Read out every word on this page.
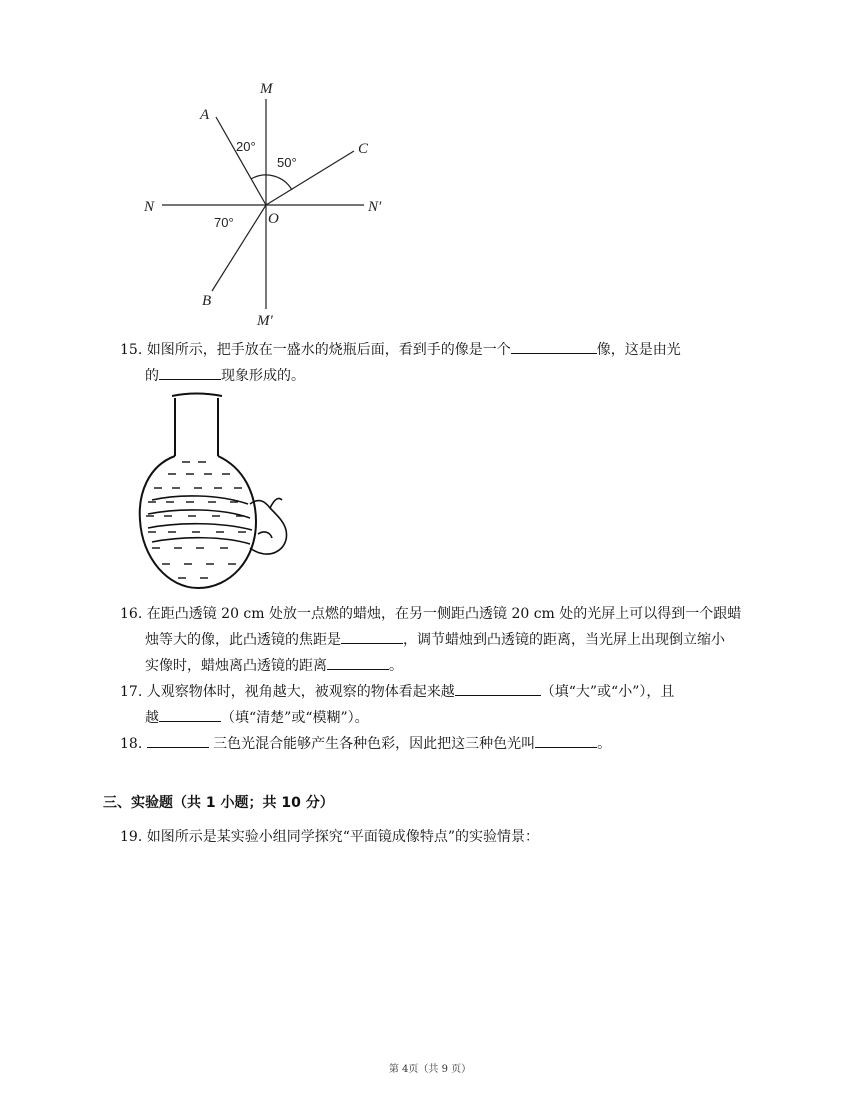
M
M′
N	N′
O
A
C
B
20°
50°
70°
15. 如图所示，把手放在一盛水的烧瓶后面，看到手的像是一个	像，这是由光
的	现象形成的。
16. 在距凸透镜 20 cm 处放一点燃的蜡烛，在另一侧距凸透镜 20 cm 处的光屏上可以得到一个跟蜡
烛等大的像，此凸透镜的焦距是	，调节蜡烛到凸透镜的距离，当光屏上出现倒立缩小
实像时，蜡烛离凸透镜的距离	。
17. 人观察物体时，视角越大，被观察的物体看起来越	（填“大”或“小”），且
越	（填“清楚”或“模糊”）。
18.	三色光混合能够产生各种色彩，因此把这三种色光叫	。
三、实验题（共 1 小题；共 10 分）
19. 如图所示是某实验小组同学探究“平面镜成像特点”的实验情景：
第 4页（共 9 页）
